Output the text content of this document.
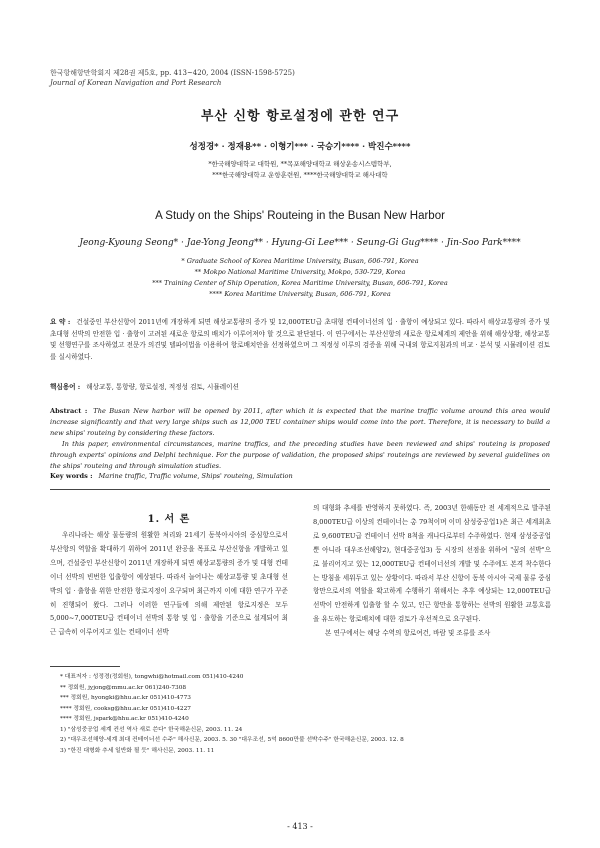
한국항해항만학회지 제28권 제5호, pp. 413~420, 2004 (ISSN-1598-5725)
Journal of Korean Navigation and Port Research
부산 신항 항로설정에 관한 연구
성정경* · 정재용** · 이형기*** · 국승기**** · 박진수****
*한국해양대학교 대학원, **목포해양대학교 해상운송시스템학부,
***한국해양대학교 운항훈련원, ****한국해양대학교 해사대학
A Study on the Ships' Routeing in the Busan New Harbor
Jeong-Kyoung Seong* · Jae-Yong Jeong** · Hyung-Gi Lee*** · Seung-Gi Gug**** · Jin-Soo Park****
* Graduate School of Korea Maritime University, Busan, 606-791, Korea
** Mokpo National Maritime University, Mokpo, 530-729, Korea
*** Training Center of Ship Operation, Korea Maritime University, Busan, 606-791, Korea
**** Korea Maritime University, Busan, 606-791, Korea
요 약 : 건설중인 부산신항이 2011년에 개장하게 되면 해상교통량의 증가 및 12,000TEU급 초대형 컨테이너선의 입 · 출항이 예상되고 있다. 따라서 해상교통량의 증가 및 초대형 선박의 안전한 입 · 출항이 고려된 새로운 항로의 배치가 이루어져야 할 것으로 판단된다. 이 연구에서는 부산신항의 새로운 항로체계의 제안을 위해 해상상황, 해상교통 및 선행연구를 조사하였고 전문가 의견및 델파이법을 이용하여 항로배치안을 선정하였으며 그 적정성 이루의 검증을 위해 국내외 항로지침과의 비교 · 분석 및 시뮬레이션 검토를 실시하였다.
핵심용어 : 해상교통, 통항량, 항로설정, 적정성 검토, 시뮬레이션
Abstract : The Busan New harbor will be opened by 2011, after which it is expected that the marine traffic volume around this area would increase significantly and that very large ships such as 12,000 TEU container ships would come into the port. Therefore, it is necessary to build a new ships' routeing by considering these factors.
In this paper, environmental circumstances, marine traffics, and the preceding studies have been reviewed and ships' routeing is proposed through experts' opinions and Delphi technique. For the purpose of validation, the proposed ships' routeings are reviewed by several guidelines on the ships' routeing and through simulation studies.
Key words : Marine traffic, Traffic volume, Ships' routeing, Simulation
1. 서 론
우리나라는 해상 물동량의 원활한 처리와 21세기 동북아시아의 중심항으로서 부산항의 역할을 확대하기 위하여 2011년 완공을 목표로 부산신항을 개발하고 있으며, 건설중인 부산신항이 2011년 개장하게 되면 해상교통량의 증가 및 대형 컨테이너 선박의 빈번한 입출항이 예상된다. 따라서 늘어나는 해상교통량 및 초대형 선박의 입 · 출항을 위한 안전한 항로지정이 요구되며 최근까지 이에 대한 연구가 꾸준히 진행되어 왔다. 그러나 이러한 연구들에 의해 제안된 항로지정은 모두 5,000~7,000TEU급 컨테이너 선박의 통항 및 입 · 출항을 기준으로 설계되어 최근 급속히 이루어지고 있는 컨테이너 선박

의 대형화 추세를 반영하지 못하였다. 즉, 2003년 한해동안 전 세계적으로 발주된 8,000TEU급 이상의 컨테이너는 총 79척이며 이미 삼성중공업1)은 최근 세계최초로 9,600TEU급 컨테이너 선박 8척을 캐나다로부터 수주하였다. 현재 삼성중공업뿐 아니라 대우조선해양2), 현대중공업3) 등 시장의 선점을 위하여 "꿈의 선박"으로 불리어지고 있는 12,000TEU급 컨테이너선의 개발 및 수주에도 본격 착수한다는 방침을 세워두고 있는 상황이다. 따라서 부산 신항이 동북 아시아 국제 물류 중심 항만으로서의 역할을 확고하게 수행하기 위해서는 추후 예상되는 12,000TEU급 선박이 안전하게 입출항 할 수 있고, 인근 항만을 통항하는 선박의 원활한 교통흐름을 유도하는 항로배치에 대한 검토가 우선적으로 요구된다.

본 연구에서는 해당 수역의 항로여건, 바람 및 조류를 조사

* 대표저자 : 성정경(정회원), tongwhi@hotmail.com 051)410-4240
** 정회원, jyjong@mmu.ac.kr 061)240-7308
*** 정회원, hyongki@hhu.ac.kr 051)410-4773
**** 정회원, cooksg@hhu.ac.kr 051)410-4227
**** 정회원, jspark@hhu.ac.kr 051)410-4240
1) "삼성중공업 세계 컨선 역사 새로 쓴다" 한국해운신문, 2003. 11. 24
2) "대우조선해양-세계 최대 컨테이너선 수주" 해사신문, 2003. 5. 30 "대우조선, 5억 8600만불 선박수주" 한국해운신문, 2003. 12. 8
3) "한진 대형화 추세 일반화 될 듯" 해사신문, 2003. 11. 11
- 413 -
